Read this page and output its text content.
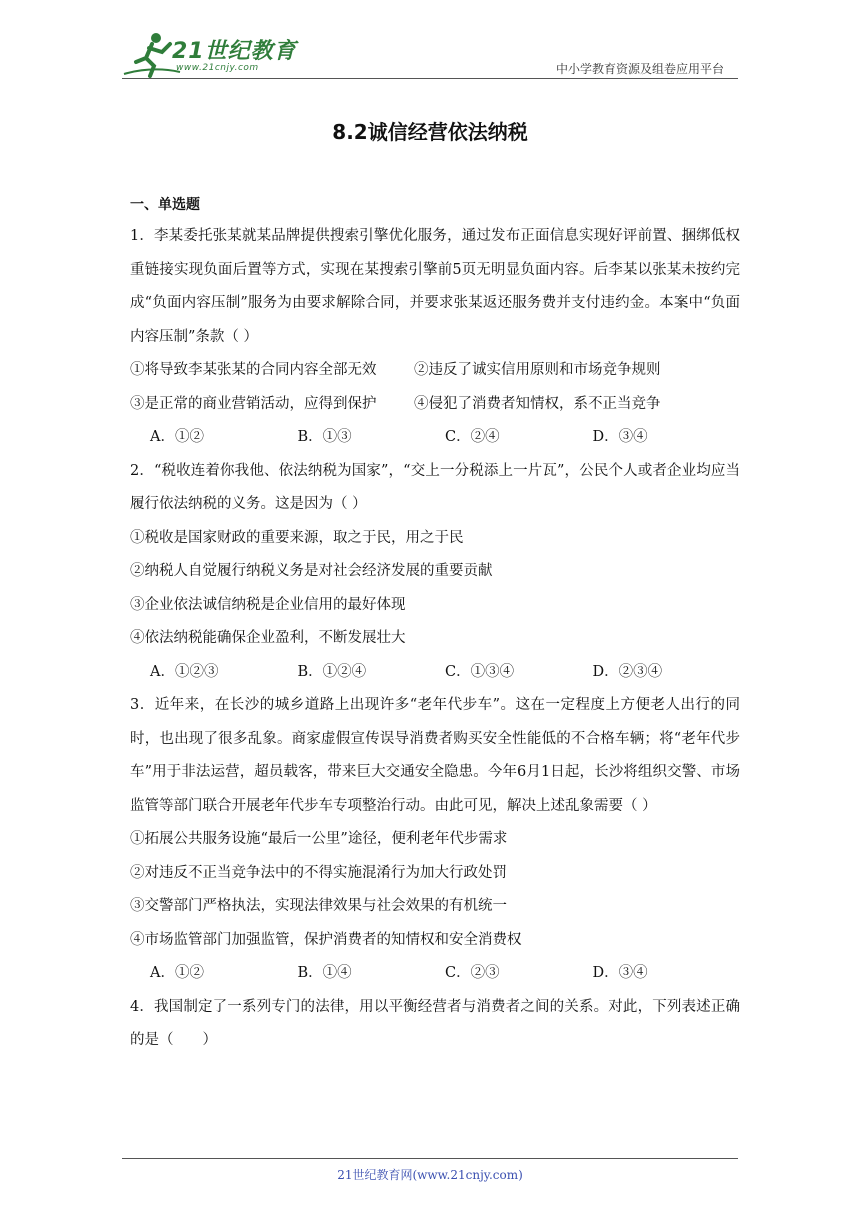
21世纪教育
www.21cnjy.com	中小学教育资源及组卷应用平台
8.2诚信经营依法纳税
一、单选题
1．李某委托张某就某品牌提供搜索引擎优化服务，通过发布正面信息实现好评前置、捆绑低权重链接实现负面后置等方式，实现在某搜索引擎前5页无明显负面内容。后李某以张某未按约完成“负面内容压制”服务为由要求解除合同，并要求张某返还服务费并支付违约金。本案中“负面内容压制”条款（ ）
①将导致李某张某的合同内容全部无效	②违反了诚实信用原则和市场竞争规则
③是正常的商业营销活动，应得到保护	④侵犯了消费者知情权，系不正当竞争
A．①②	B．①③	C．②④	D．③④
2．“税收连着你我他、依法纳税为国家”，“交上一分税添上一片瓦”，公民个人或者企业均应当履行依法纳税的义务。这是因为（ ）
①税收是国家财政的重要来源，取之于民，用之于民
②纳税人自觉履行纳税义务是对社会经济发展的重要贡献
③企业依法诚信纳税是企业信用的最好体现
④依法纳税能确保企业盈利，不断发展壮大
A．①②③	B．①②④	C．①③④	D．②③④
3．近年来，在长沙的城乡道路上出现许多“老年代步车”。这在一定程度上方便老人出行的同时，也出现了很多乱象。商家虚假宣传误导消费者购买安全性能低的不合格车辆；将“老年代步车”用于非法运营，超员载客，带来巨大交通安全隐患。今年6月1日起，长沙将组织交警、市场监管等部门联合开展老年代步车专项整治行动。由此可见，解决上述乱象需要（ ）
①拓展公共服务设施“最后一公里”途径，便利老年代步需求
②对违反不正当竞争法中的不得实施混淆行为加大行政处罚
③交警部门严格执法，实现法律效果与社会效果的有机统一
④市场监管部门加强监管，保护消费者的知情权和安全消费权
A．①②	B．①④	C．②③	D．③④
4．我国制定了一系列专门的法律，用以平衡经营者与消费者之间的关系。对此，下列表述正确的是（　　）
21世纪教育网(www.21cnjy.com)
